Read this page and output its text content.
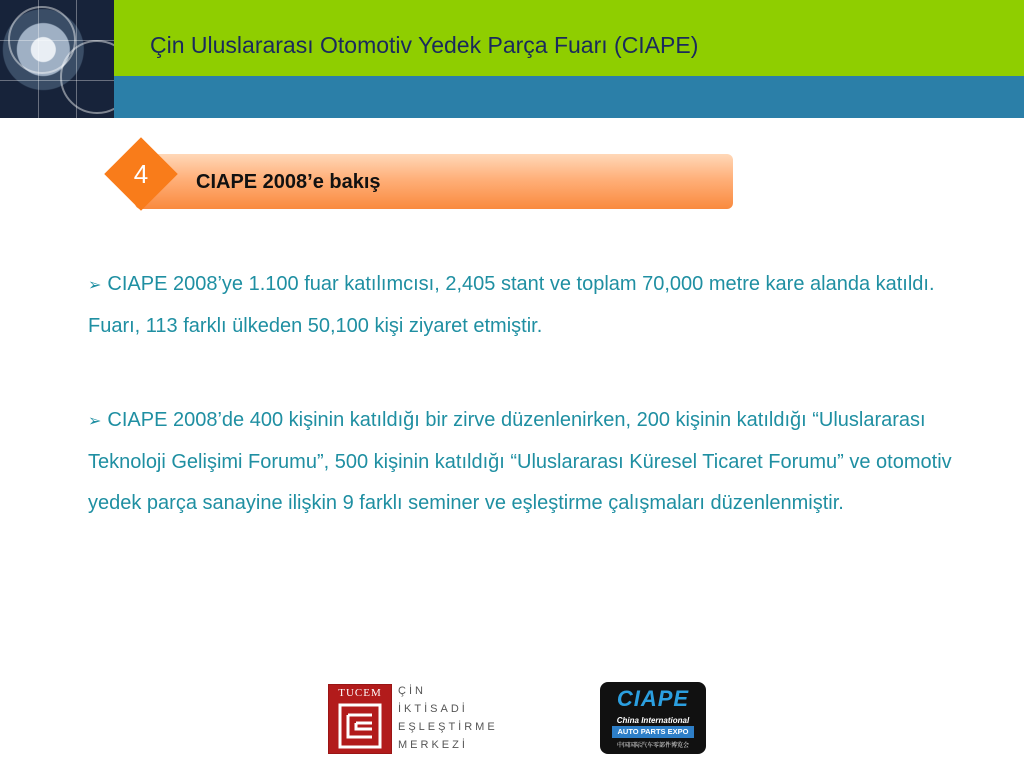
Çin Uluslararası Otomotiv Yedek Parça Fuarı (CIAPE)
4	CIAPE 2008’e bakış
➢ CIAPE 2008’ye 1.100 fuar katılımcısı, 2,405 stant ve toplam 70,000 metre kare alanda katıldı. Fuarı, 113 farklı ülkeden 50,100 kişi ziyaret etmiştir.
➢ CIAPE 2008’de 400 kişinin katıldığı bir zirve düzenlenirken, 200 kişinin katıldığı “Uluslararası Teknoloji Gelişimi Forumu”, 500 kişinin katıldığı “Uluslararası Küresel Ticaret Forumu” ve otomotiv yedek parça sanayine ilişkin 9 farklı seminer ve eşleştirme çalışmaları düzenlenmiştir.
TUCEM	ÇİN
İKTİSADİ
EŞLEŞTİRME
MERKEZİ
CIAPE
China International
AUTO PARTS EXPO
中国国际汽车零部件博览会
